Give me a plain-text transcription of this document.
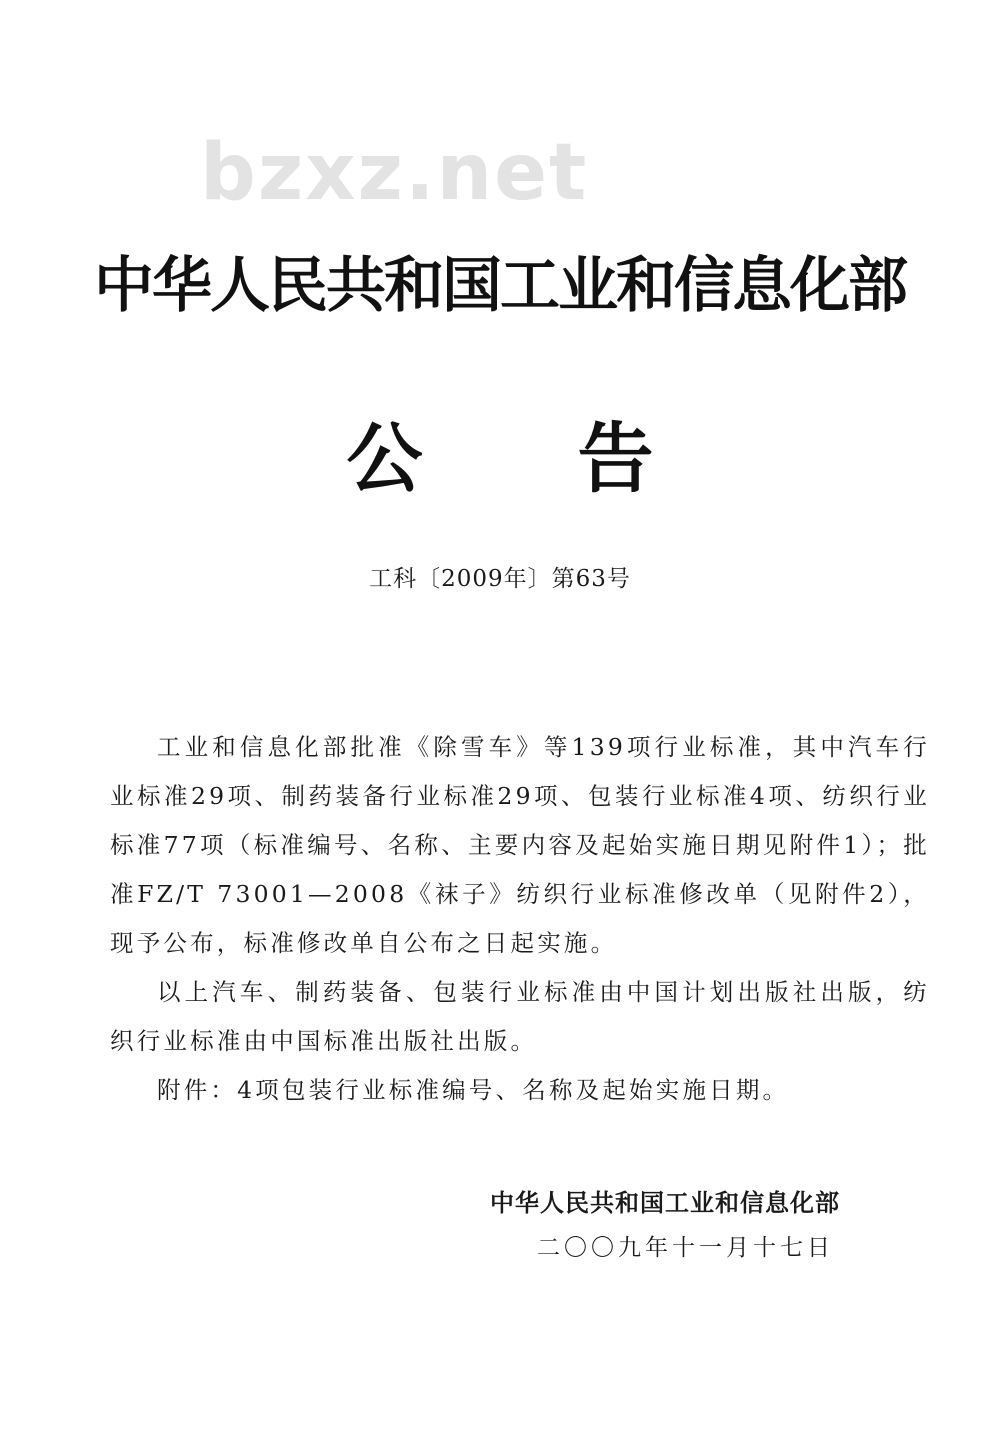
bzxz.net
中华人民共和国工业和信息化部
公 告
工科〔2009年〕第63号

工业和信息化部批准《除雪车》等139项行业标准，其中汽车行业标准29项、制药装备行业标准29项、包装行业标准4项、纺织行业标准77项（标准编号、名称、主要内容及起始实施日期见附件1）；批准FZ/T 73001—2008《袜子》纺织行业标准修改单（见附件2），现予公布，标准修改单自公布之日起实施。

以上汽车、制药装备、包装行业标准由中国计划出版社出版，纺织行业标准由中国标准出版社出版。

附件：4项包装行业标准编号、名称及起始实施日期。

中华人民共和国工业和信息化部
二〇〇九年十一月十七日
